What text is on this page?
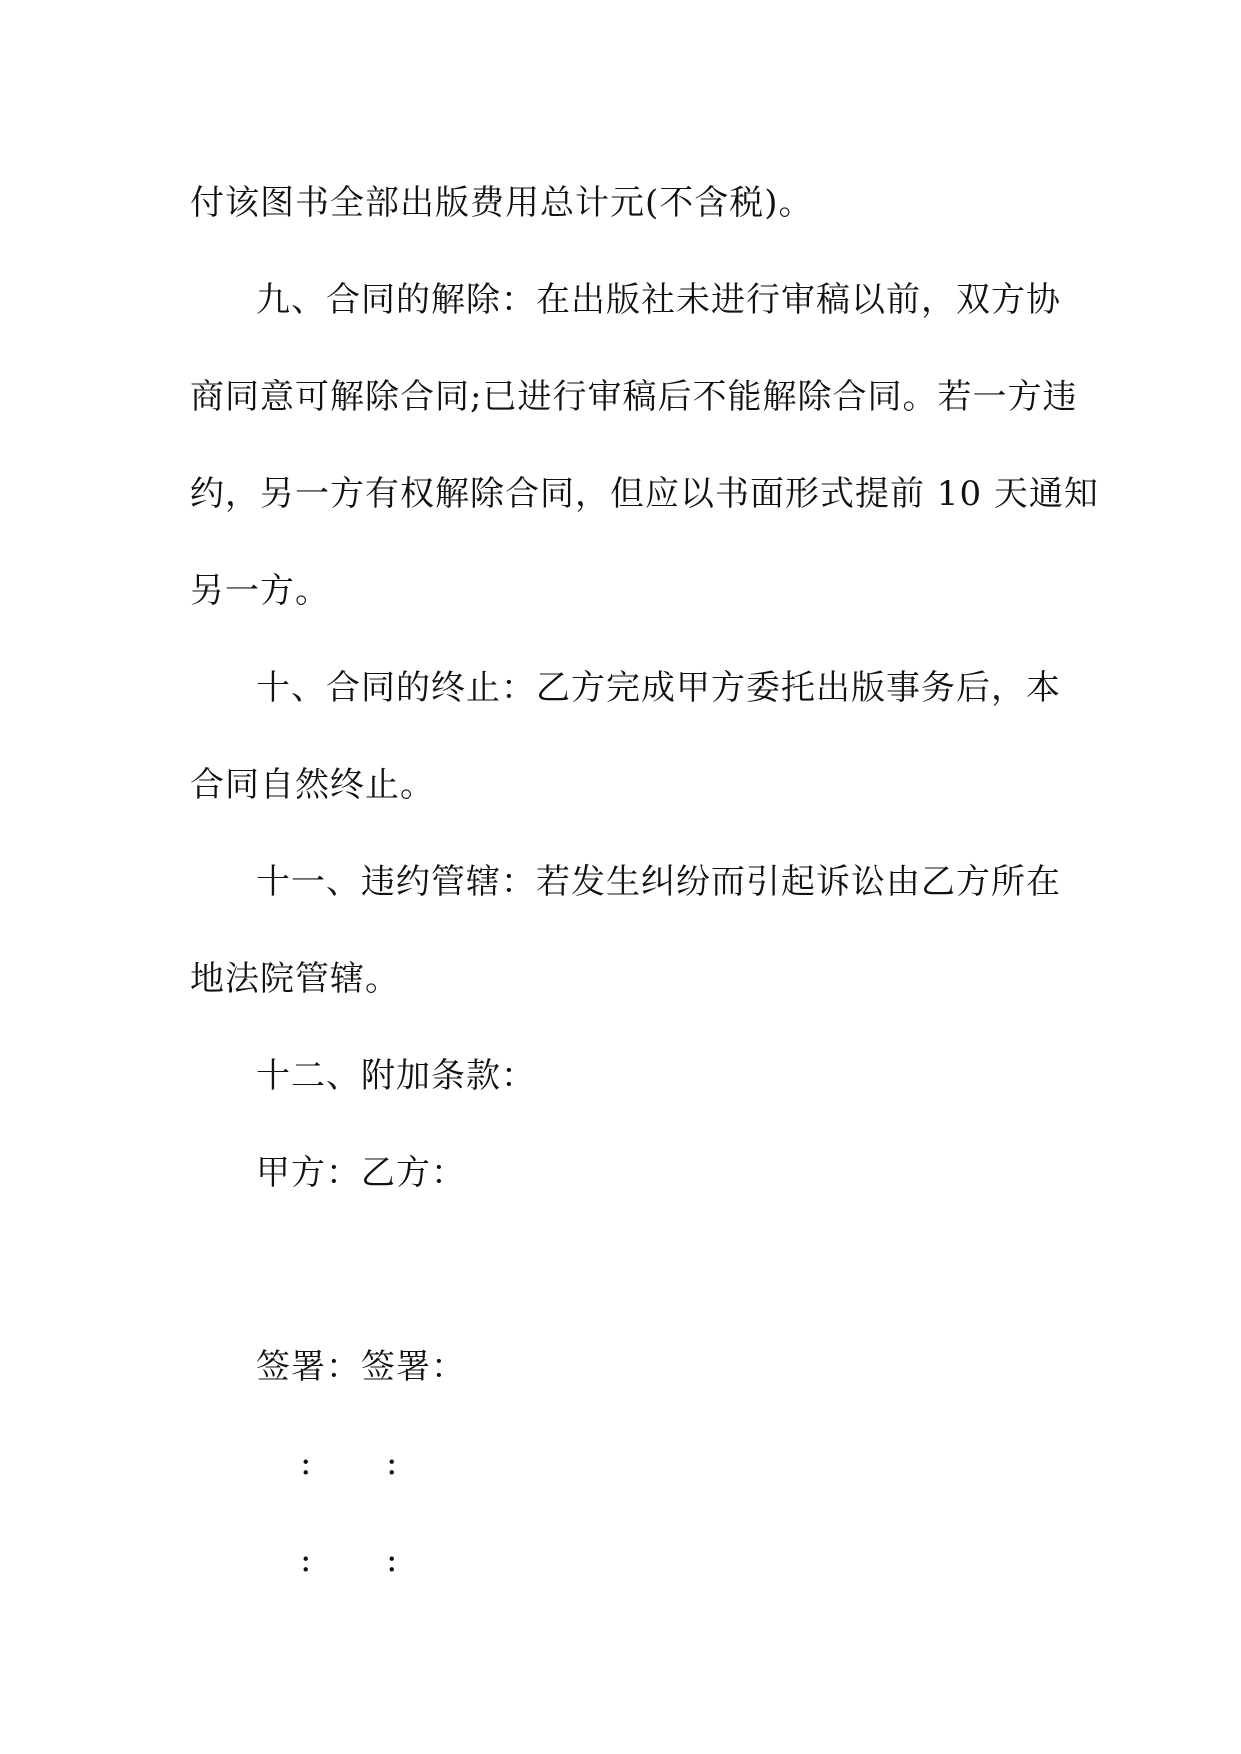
付该图书全部出版费用总计元(不含税)。
九、合同的解除：在出版社未进行审稿以前，双方协
商同意可解除合同;已进行审稿后不能解除合同。若一方违
约，另一方有权解除合同，但应以书面形式提前 10 天通知
另一方。
十、合同的终止：乙方完成甲方委托出版事务后，本
合同自然终止。
十一、违约管辖：若发生纠纷而引起诉讼由乙方所在
地法院管辖。
十二、附加条款：
甲方：乙方：
签署：签署：
: :
: :
